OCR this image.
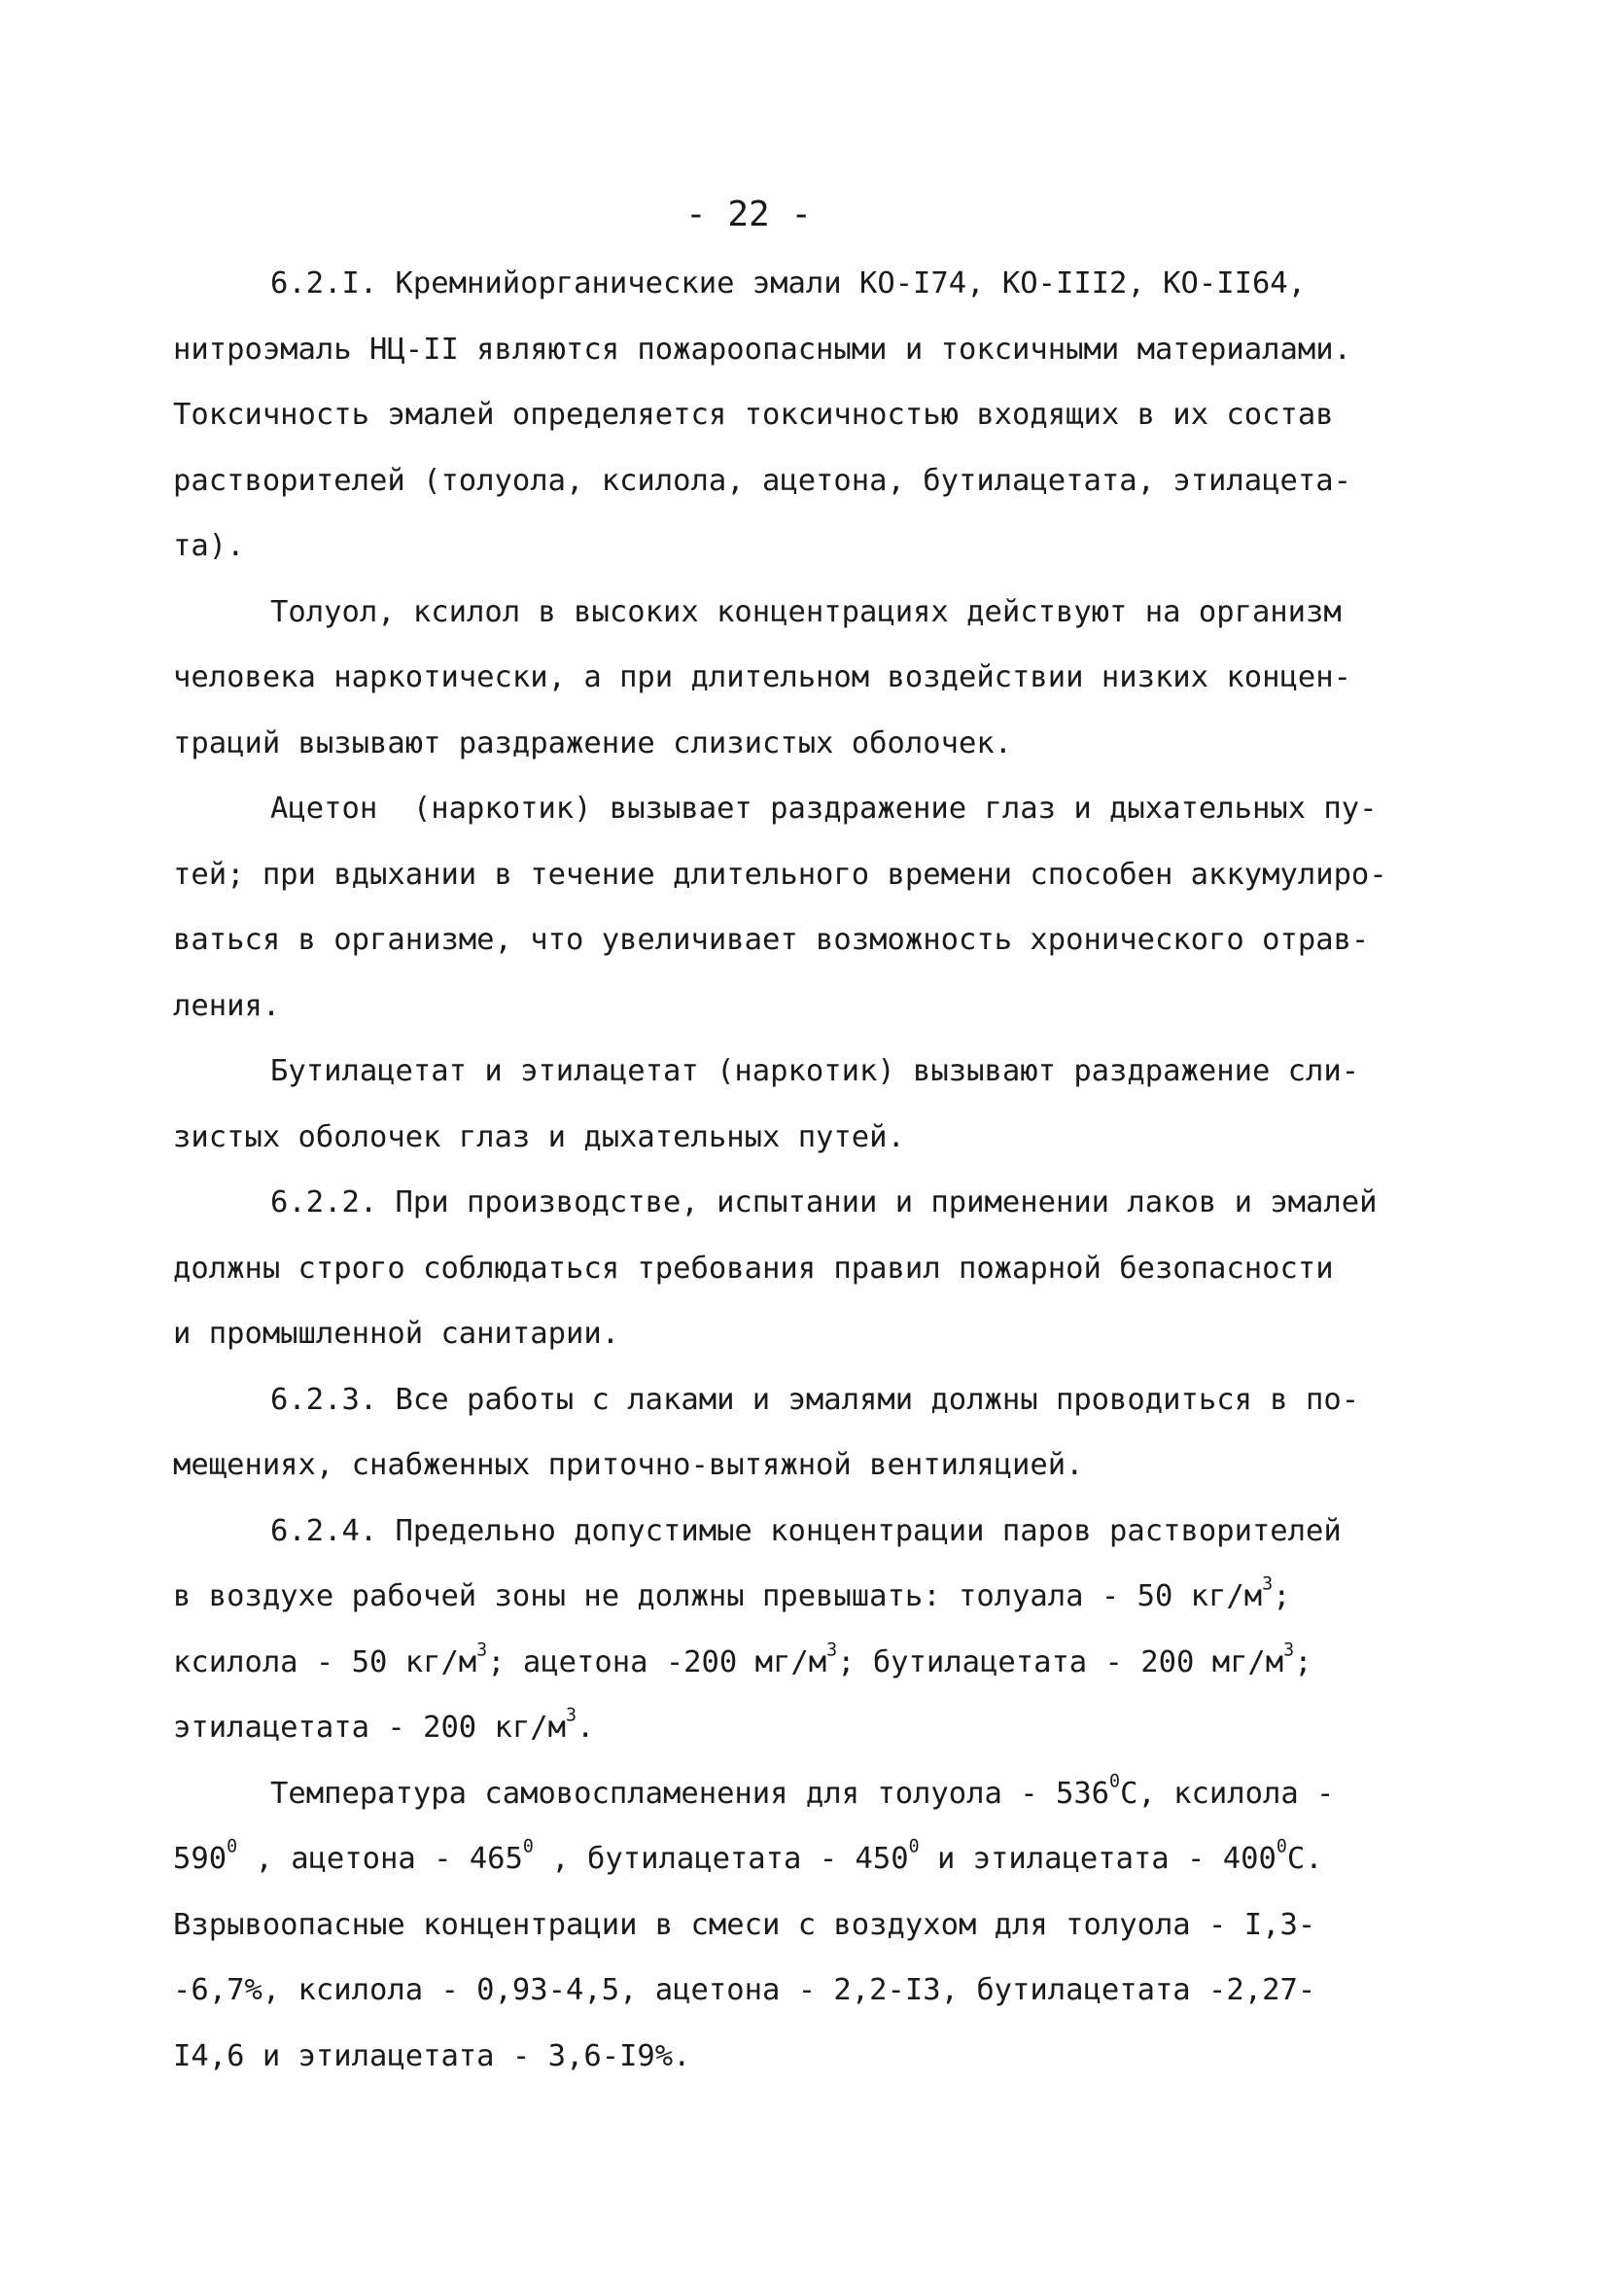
- 22 -
6.2.I. Кремнийорганические эмали КО-I74, КО-III2, КО-II64,
нитроэмаль НЦ-II являются пожароопасными и токсичными материалами.
Токсичность эмалей определяется токсичностью входящих в их состав
растворителей (толуола, ксилола, ацетона, бутилацетата, этилацета-
та).
Толуол, ксилол в высоких концентрациях действуют на организм
человека наркотически, а при длительном воздействии низких концен-
траций вызывают раздражение слизистых оболочек.
Ацетон  (наркотик) вызывает раздражение глаз и дыхательных пу-
тей; при вдыхании в течение длительного времени способен аккумулиро-
ваться в организме, что увеличивает возможность хронического отрав-
ления.
Бутилацетат и этилацетат (наркотик) вызывают раздражение сли-
зистых оболочек глаз и дыхательных путей.
6.2.2. При производстве, испытании и применении лаков и эмалей
должны строго соблюдаться требования правил пожарной безопасности
и промышленной санитарии.
6.2.3. Все работы с лаками и эмалями должны проводиться в по-
мещениях, снабженных приточно-вытяжной вентиляцией.
6.2.4. Предельно допустимые концентрации паров растворителей
в воздухе рабочей зоны не должны превышать: толуала - 50 $кг/м^3$;
ксилола - 50 $кг/м^3$; ацетона -200 $мг/м^3$; бутилацетата - 200 $мг/м^3$;
этилацетата - 200 $кг/м^3$.
Температура самовоспламенения для толуола - $536^0С$, ксилола -
$590^0$ , ацетона - $465^0$ , бутилацетата - $450^0$ и этилацетата - $400^0С$.
Взрывоопасные концентрации в смеси с воздухом для толуола - I,3-
-6,7%, ксилола - 0,93-4,5, ацетона - 2,2-I3, бутилацетата -2,27-
I4,6 и этилацетата - 3,6-I9%.
